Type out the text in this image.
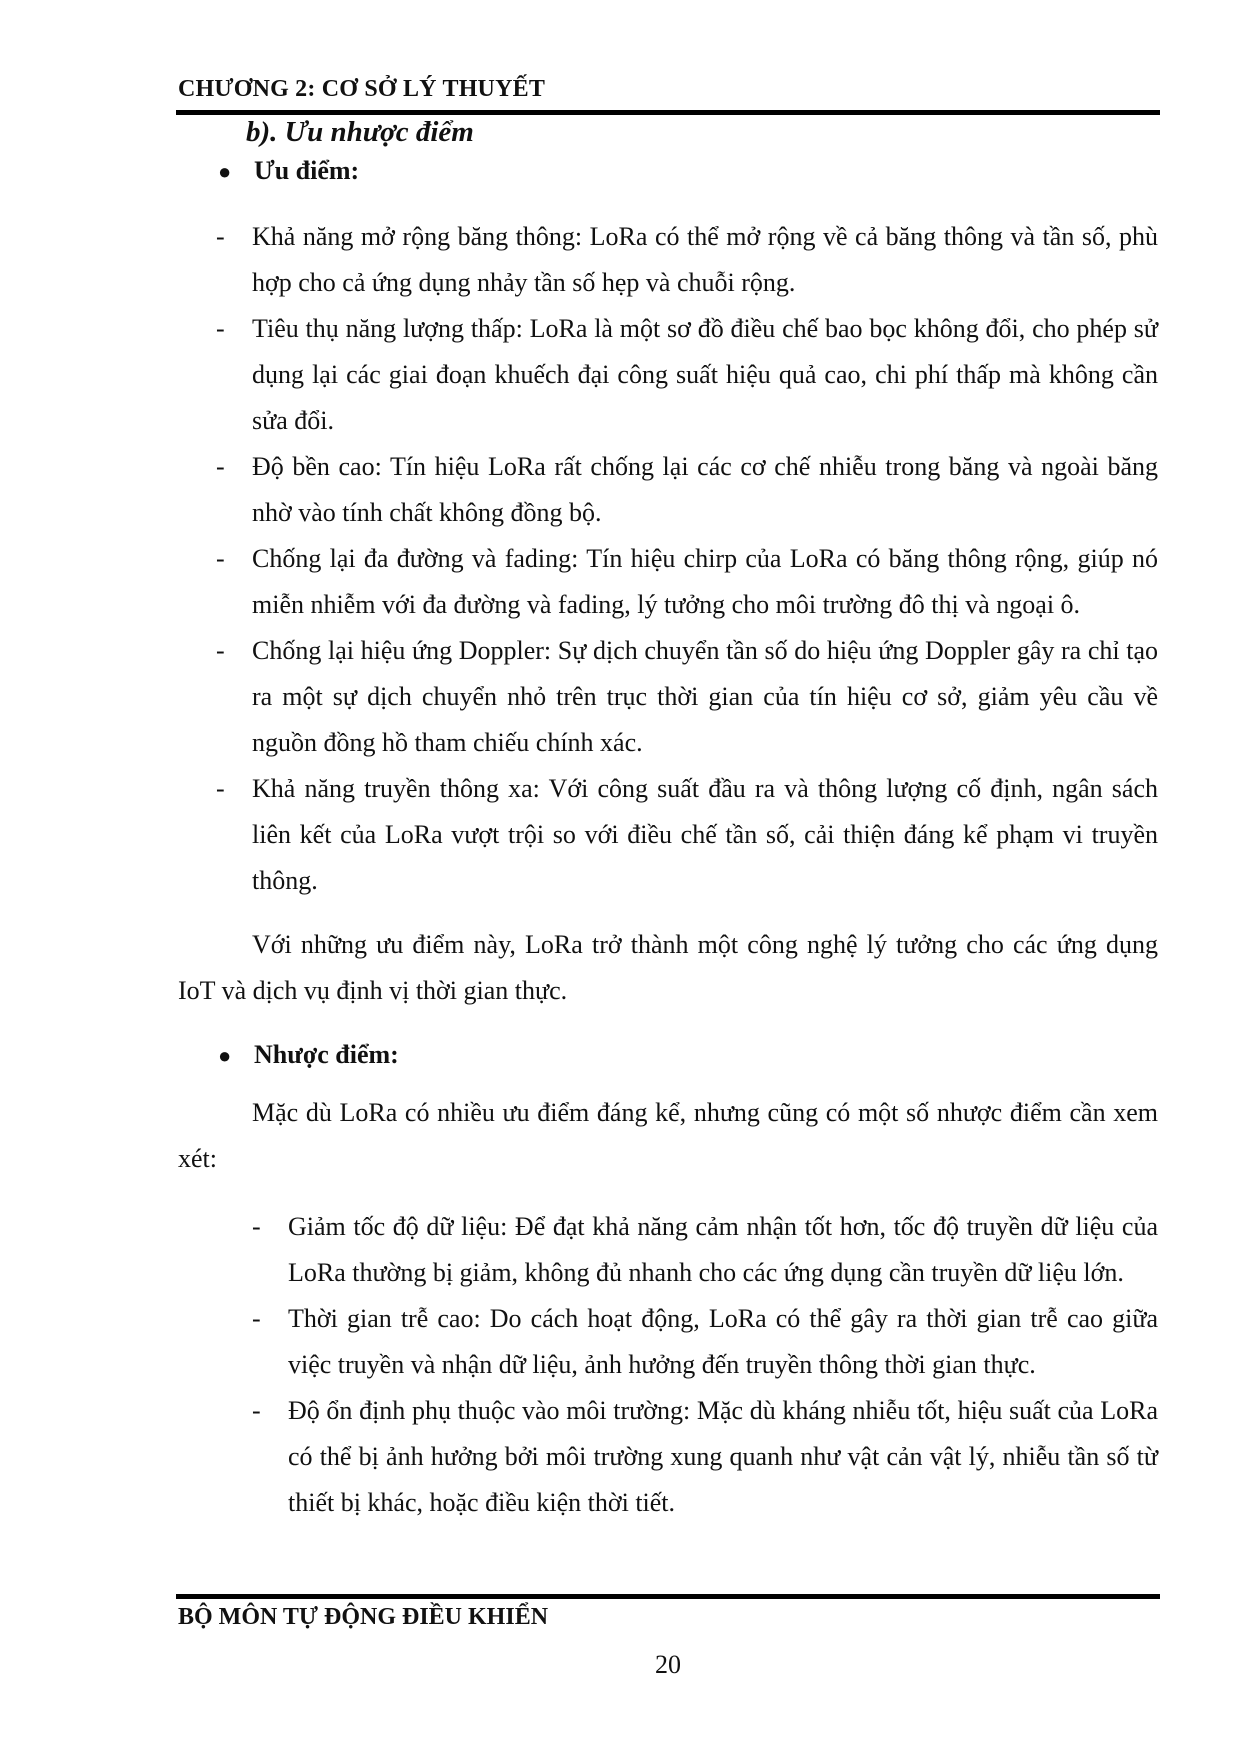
CHƯƠNG 2: CƠ SỞ LÝ THUYẾT
b). Ưu nhược điểm
● Ưu điểm:
- Khả năng mở rộng băng thông: LoRa có thể mở rộng về cả băng thông và tần số, phù hợp cho cả ứng dụng nhảy tần số hẹp và chuỗi rộng.
- Tiêu thụ năng lượng thấp: LoRa là một sơ đồ điều chế bao bọc không đổi, cho phép sử dụng lại các giai đoạn khuếch đại công suất hiệu quả cao, chi phí thấp mà không cần sửa đổi.
- Độ bền cao: Tín hiệu LoRa rất chống lại các cơ chế nhiễu trong băng và ngoài băng nhờ vào tính chất không đồng bộ.
- Chống lại đa đường và fading: Tín hiệu chirp của LoRa có băng thông rộng, giúp nó miễn nhiễm với đa đường và fading, lý tưởng cho môi trường đô thị và ngoại ô.
- Chống lại hiệu ứng Doppler: Sự dịch chuyển tần số do hiệu ứng Doppler gây ra chỉ tạo ra một sự dịch chuyển nhỏ trên trục thời gian của tín hiệu cơ sở, giảm yêu cầu về nguồn đồng hồ tham chiếu chính xác.
- Khả năng truyền thông xa: Với công suất đầu ra và thông lượng cố định, ngân sách liên kết của LoRa vượt trội so với điều chế tần số, cải thiện đáng kể phạm vi truyền thông.

Với những ưu điểm này, LoRa trở thành một công nghệ lý tưởng cho các ứng dụng IoT và dịch vụ định vị thời gian thực.

● Nhược điểm:

Mặc dù LoRa có nhiều ưu điểm đáng kể, nhưng cũng có một số nhược điểm cần xem xét:

- Giảm tốc độ dữ liệu: Để đạt khả năng cảm nhận tốt hơn, tốc độ truyền dữ liệu của LoRa thường bị giảm, không đủ nhanh cho các ứng dụng cần truyền dữ liệu lớn.
- Thời gian trễ cao: Do cách hoạt động, LoRa có thể gây ra thời gian trễ cao giữa việc truyền và nhận dữ liệu, ảnh hưởng đến truyền thông thời gian thực.
- Độ ổn định phụ thuộc vào môi trường: Mặc dù kháng nhiễu tốt, hiệu suất của LoRa có thể bị ảnh hưởng bởi môi trường xung quanh như vật cản vật lý, nhiễu tần số từ thiết bị khác, hoặc điều kiện thời tiết.
BỘ MÔN TỰ ĐỘNG ĐIỀU KHIỂN
20
